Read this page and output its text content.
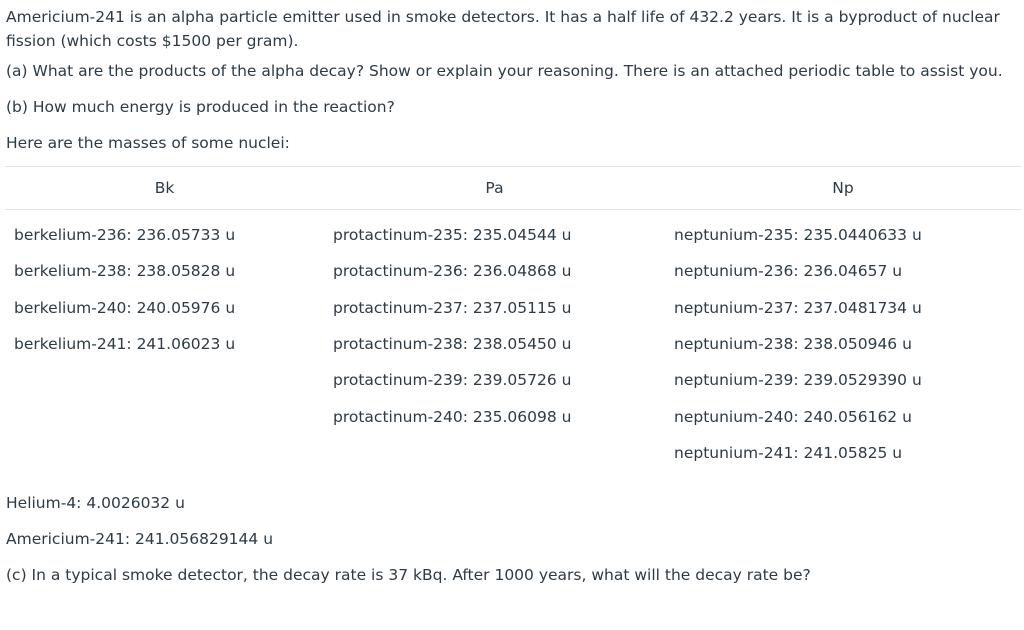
Americium-241 is an alpha particle emitter used in smoke detectors. It has a half life of 432.2 years. It is a byproduct of nuclear fission (which costs $1500 per gram).

(a) What are the products of the alpha decay? Show or explain your reasoning. There is an attached periodic table to assist you.

(b) How much energy is produced in the reaction?

Here are the masses of some nuclei:

Bk	Pa	Np
berkelium-236: 236.05733 u	protactinum-235: 235.04544 u	neptunium-235: 235.0440633 u
berkelium-238: 238.05828 u	protactinum-236: 236.04868 u	neptunium-236: 236.04657 u
berkelium-240: 240.05976 u	protactinum-237: 237.05115 u	neptunium-237: 237.0481734 u
berkelium-241: 241.06023 u	protactinum-238: 238.05450 u	neptunium-238: 238.050946 u
	protactinum-239: 239.05726 u	neptunium-239: 239.0529390 u
	protactinum-240: 235.06098 u	neptunium-240: 240.056162 u
		neptunium-241: 241.05825 u

Helium-4: 4.0026032 u

Americium-241: 241.056829144 u

(c) In a typical smoke detector, the decay rate is 37 kBq. After 1000 years, what will the decay rate be?
